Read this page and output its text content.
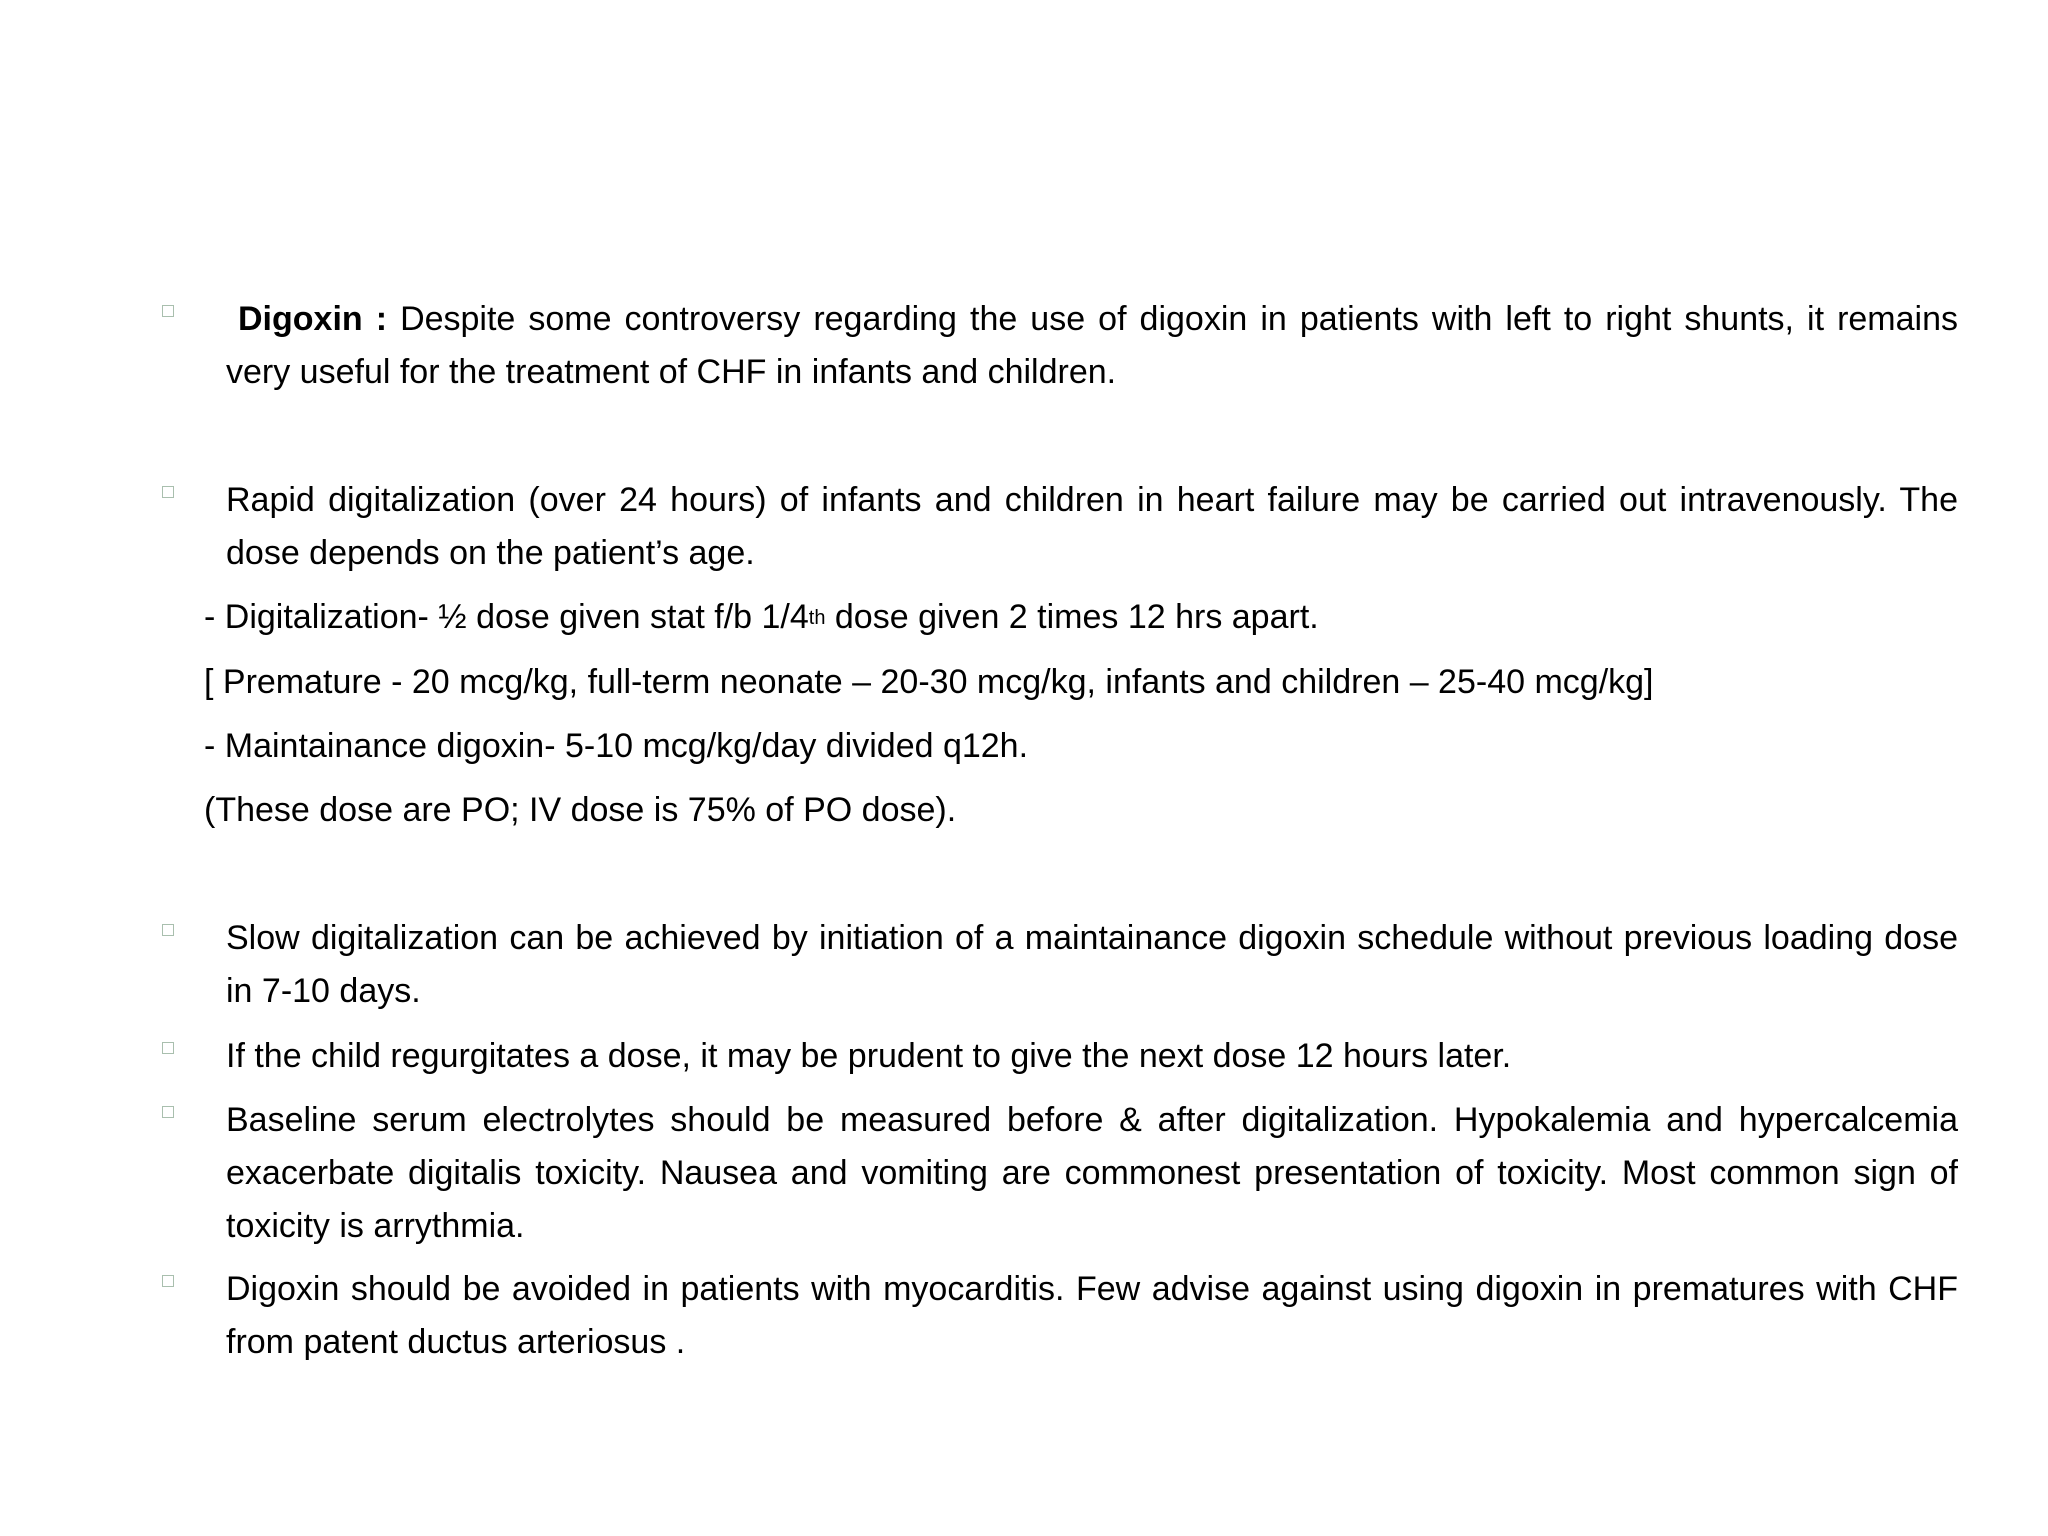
Digoxin : Despite some controversy regarding the use of digoxin in patients with left to right shunts, it remains very useful for the treatment of CHF in infants and children.
Rapid digitalization (over 24 hours) of infants and children in heart failure may be carried out intravenously. The dose depends on the patient’s age.
- Digitalization- ½ dose given stat f/b 1/4th dose given 2 times 12 hrs apart.
[ Premature - 20 mcg/kg, full-term neonate – 20-30 mcg/kg, infants and children – 25-40 mcg/kg]
- Maintainance digoxin- 5-10 mcg/kg/day divided q12h.
(These dose are PO; IV dose is 75% of PO dose).
Slow digitalization can be achieved by initiation of a maintainance digoxin schedule without previous loading dose in 7-10 days.
If the child regurgitates a dose, it may be prudent to give the next dose 12 hours later.
Baseline serum electrolytes should be measured before & after digitalization. Hypokalemia and hypercalcemia exacerbate digitalis toxicity. Nausea and vomiting are commonest presentation of toxicity. Most common sign of toxicity is arrythmia.
Digoxin should be avoided in patients with myocarditis. Few advise against using digoxin in prematures with CHF from patent ductus arteriosus .
